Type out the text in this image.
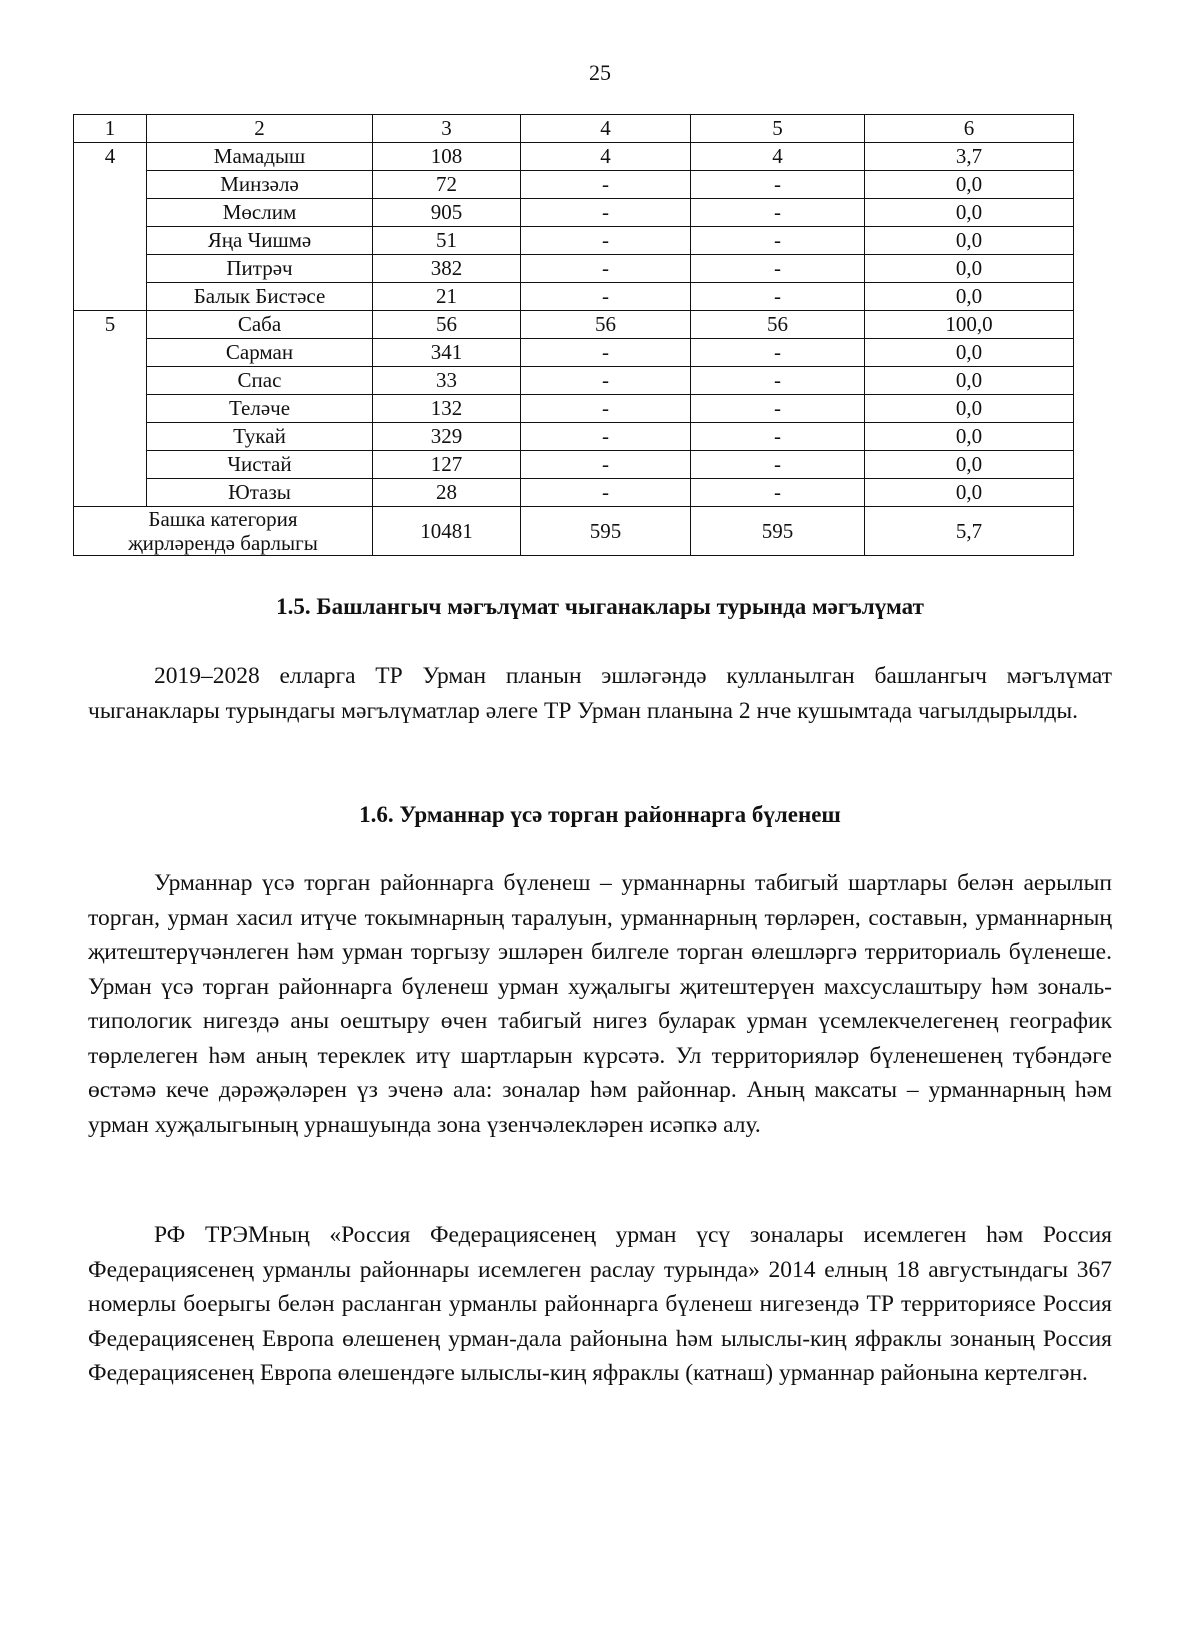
25
1	2	3	4	5	6
4	Мамадыш	108	4	4	3,7
	Минзәлә	72	-	-	0,0
	Мөслим	905	-	-	0,0
	Яңа Чишмә	51	-	-	0,0
	Питрәч	382	-	-	0,0
	Балык Бистәсе	21	-	-	0,0
5	Саба	56	56	56	100,0
	Сарман	341	-	-	0,0
	Спас	33	-	-	0,0
	Теләче	132	-	-	0,0
	Тукай	329	-	-	0,0
	Чистай	127	-	-	0,0
	Ютазы	28	-	-	0,0

Башка категория
җирләрендә барлыгы		10481	595	595	5,7
1.5. Башлангыч мәгълүмат чыганаклары турында мәгълүмат

2019–2028 елларга ТР Урман планын эшләгәндә кулланылган башлангыч мәгълүмат чыганаклары турындагы мәгълүматлар әлеге ТР Урман планына 2 нче кушымтада чагылдырылды.

1.6. Урманнар үсә торган районнарга бүленеш

Урманнар үсә торган районнарга бүленеш – урманнарны табигый шартлары белән аерылып торган, урман хасил итүче токымнарның таралуын, урманнарның төрләрен, составын, урманнарның җитештерүчәнлеген һәм урман торгызу эшләрен билгеле торган өлешләргә территориаль бүленеше. Урман үсә торган районнарга бүленеш урман хуҗалыгы җитештерүен махсуслаштыру һәм зональ-типологик нигездә аны оештыру өчен табигый нигез буларак урман үсемлекчелегенең географик төрлелеген һәм аның тереклек итү шартларын күрсәтә. Ул территорияләр бүленешенең түбәндәге өстәмә кече дәрәҗәләрен үз эченә ала: зоналар һәм районнар. Аның максаты – урманнарның һәм урман хуҗалыгының урнашуында зона үзенчәлекләрен исәпкә алу.

РФ ТРЭМның «Россия Федерациясенең урман үсү зоналары исемлеген һәм Россия Федерациясенең урманлы районнары исемлеген раслау турында» 2014 елның 18 августындагы 367 номерлы боерыгы белән расланган урманлы районнарга бүленеш нигезендә ТР территориясе Россия Федерациясенең Европа өлешенең урман-дала районына һәм ылыслы-киң яфраклы зонаның Россия Федерациясенең Европа өлешендәге ылыслы-киң яфраклы (катнаш) урманнар районына кертелгән.
